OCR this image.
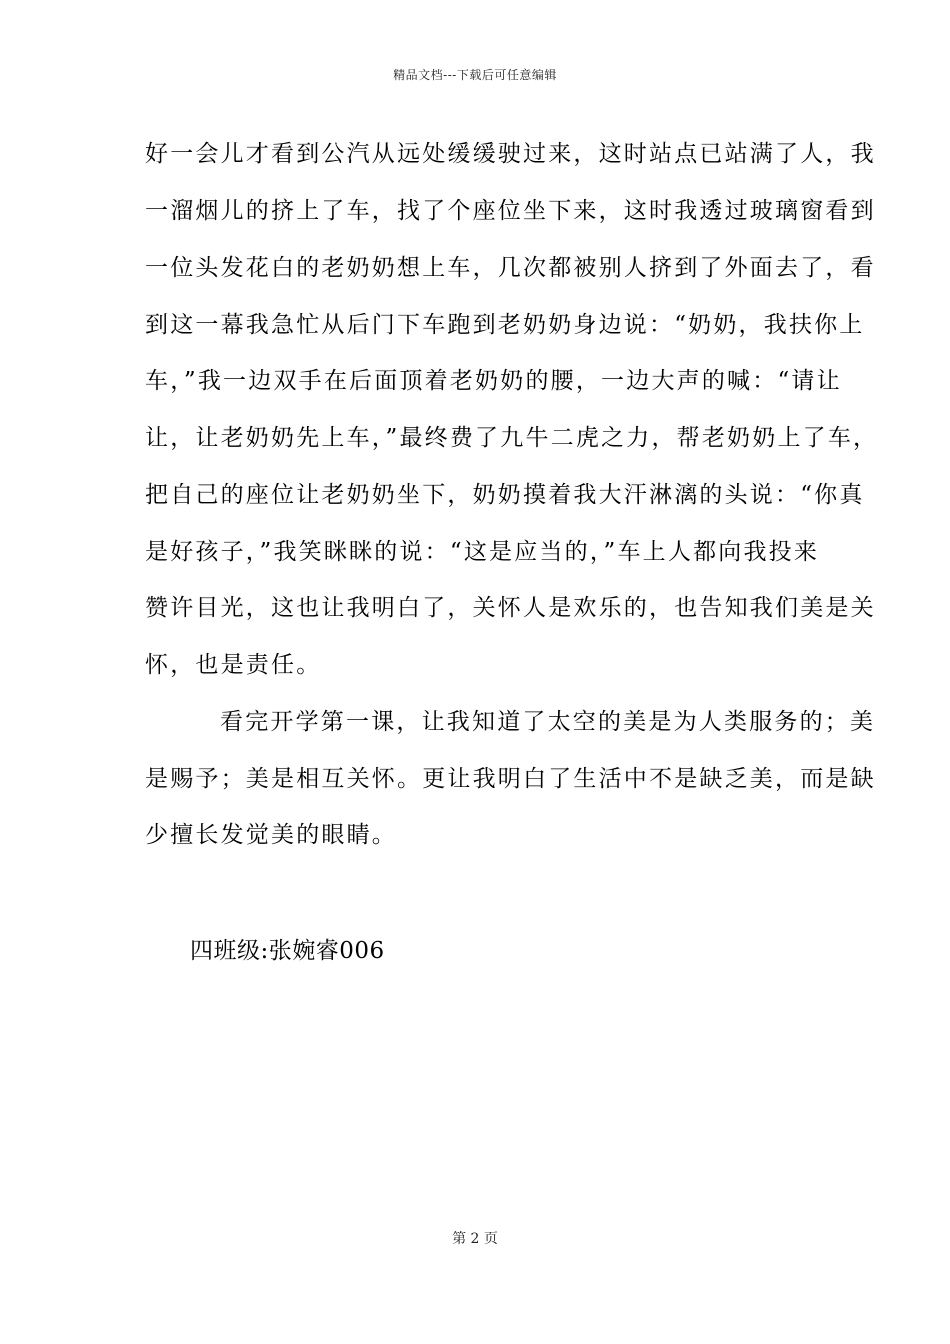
精品文档---下载后可任意编辑
好一会儿才看到公汽从远处缓缓驶过来，这时站点已站满了人，我
一溜烟儿的挤上了车，找了个座位坐下来，这时我透过玻璃窗看到
一位头发花白的老奶奶想上车，几次都被别人挤到了外面去了，看
到这一幕我急忙从后门下车跑到老奶奶身边说：“奶奶，我扶你上
车，”我一边双手在后面顶着老奶奶的腰，一边大声的喊：“请让
让，让老奶奶先上车，”最终费了九牛二虎之力，帮老奶奶上了车，
把自己的座位让老奶奶坐下，奶奶摸着我大汗淋漓的头说：“你真
是好孩子，”我笑眯眯的说：“这是应当的，”车上人都向我投来
赞许目光，这也让我明白了，关怀人是欢乐的，也告知我们美是关
怀，也是责任。
看完开学第一课，让我知道了太空的美是为人类服务的；美
是赐予；美是相互关怀。更让我明白了生活中不是缺乏美，而是缺
少擅长发觉美的眼睛。
四班级:张婉睿006
第 2 页
